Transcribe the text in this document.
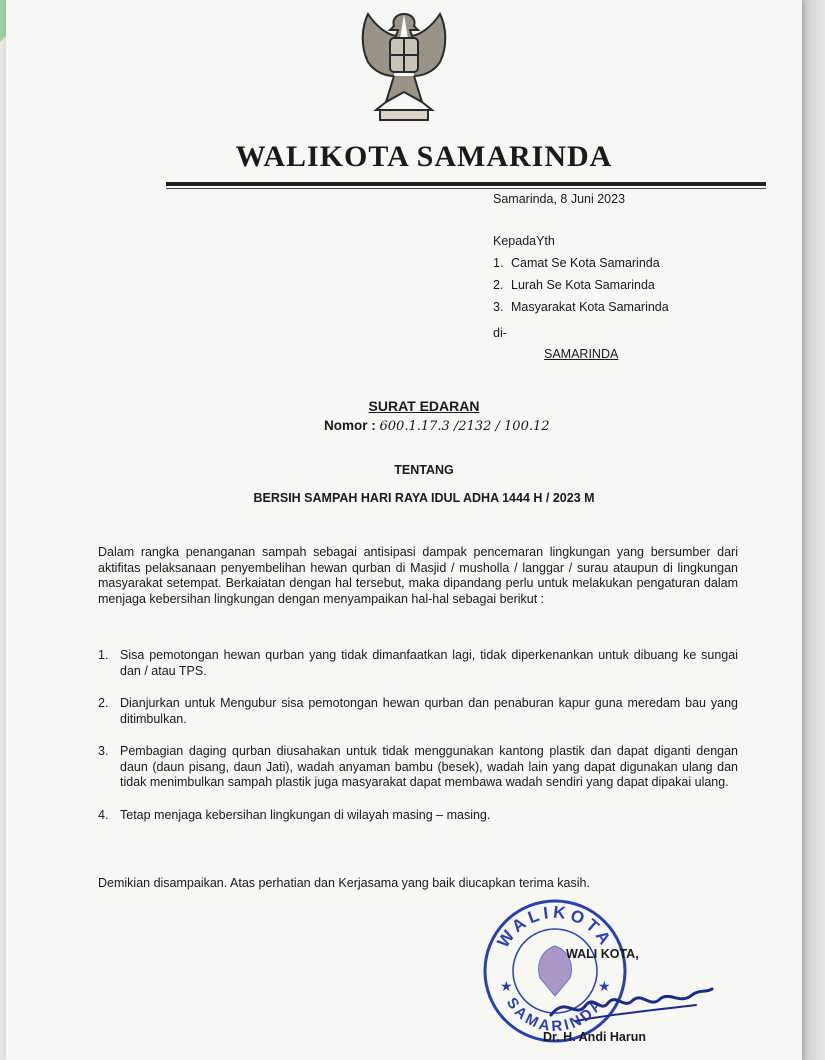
WALIKOTA SAMARINDA
Samarinda, 8 Juni 2023
KepadaYth
1. Camat Se Kota Samarinda
2. Lurah Se Kota Samarinda
3. Masyarakat Kota Samarinda
di-
SAMARINDA
SURAT EDARAN
Nomor : 600.1.17.3 /2132 / 100.12
TENTANG
BERSIH SAMPAH HARI RAYA IDUL ADHA 1444 H / 2023 M
Dalam rangka penanganan sampah sebagai antisipasi dampak pencemaran lingkungan yang bersumber dari aktifitas pelaksanaan penyembelihan hewan qurban di Masjid / musholla / langgar / surau ataupun di lingkungan masyarakat setempat. Berkaiatan dengan hal tersebut, maka dipandang perlu untuk melakukan pengaturan dalam menjaga kebersihan lingkungan dengan menyampaikan hal-hal sebagai berikut :
1. Sisa pemotongan hewan qurban yang tidak dimanfaatkan lagi, tidak diperkenankan untuk dibuang ke sungai dan / atau TPS.
2. Dianjurkan untuk Mengubur sisa pemotongan hewan qurban dan penaburan kapur guna meredam bau yang ditimbulkan.
3. Pembagian daging qurban diusahakan untuk tidak menggunakan kantong plastik dan dapat diganti dengan daun (daun pisang, daun Jati), wadah anyaman bambu (besek), wadah lain yang dapat digunakan ulang dan tidak menimbulkan sampah plastik juga masyarakat dapat membawa wadah sendiri yang dapat dipakai ulang.
4. Tetap menjaga kebersihan lingkungan di wilayah masing – masing.
Demikian disampaikan. Atas perhatian dan Kerjasama yang baik diucapkan terima kasih.
WALIKOTA
SAMARINDA
★	★
WALI KOTA,
Dr. H. Andi Harun
